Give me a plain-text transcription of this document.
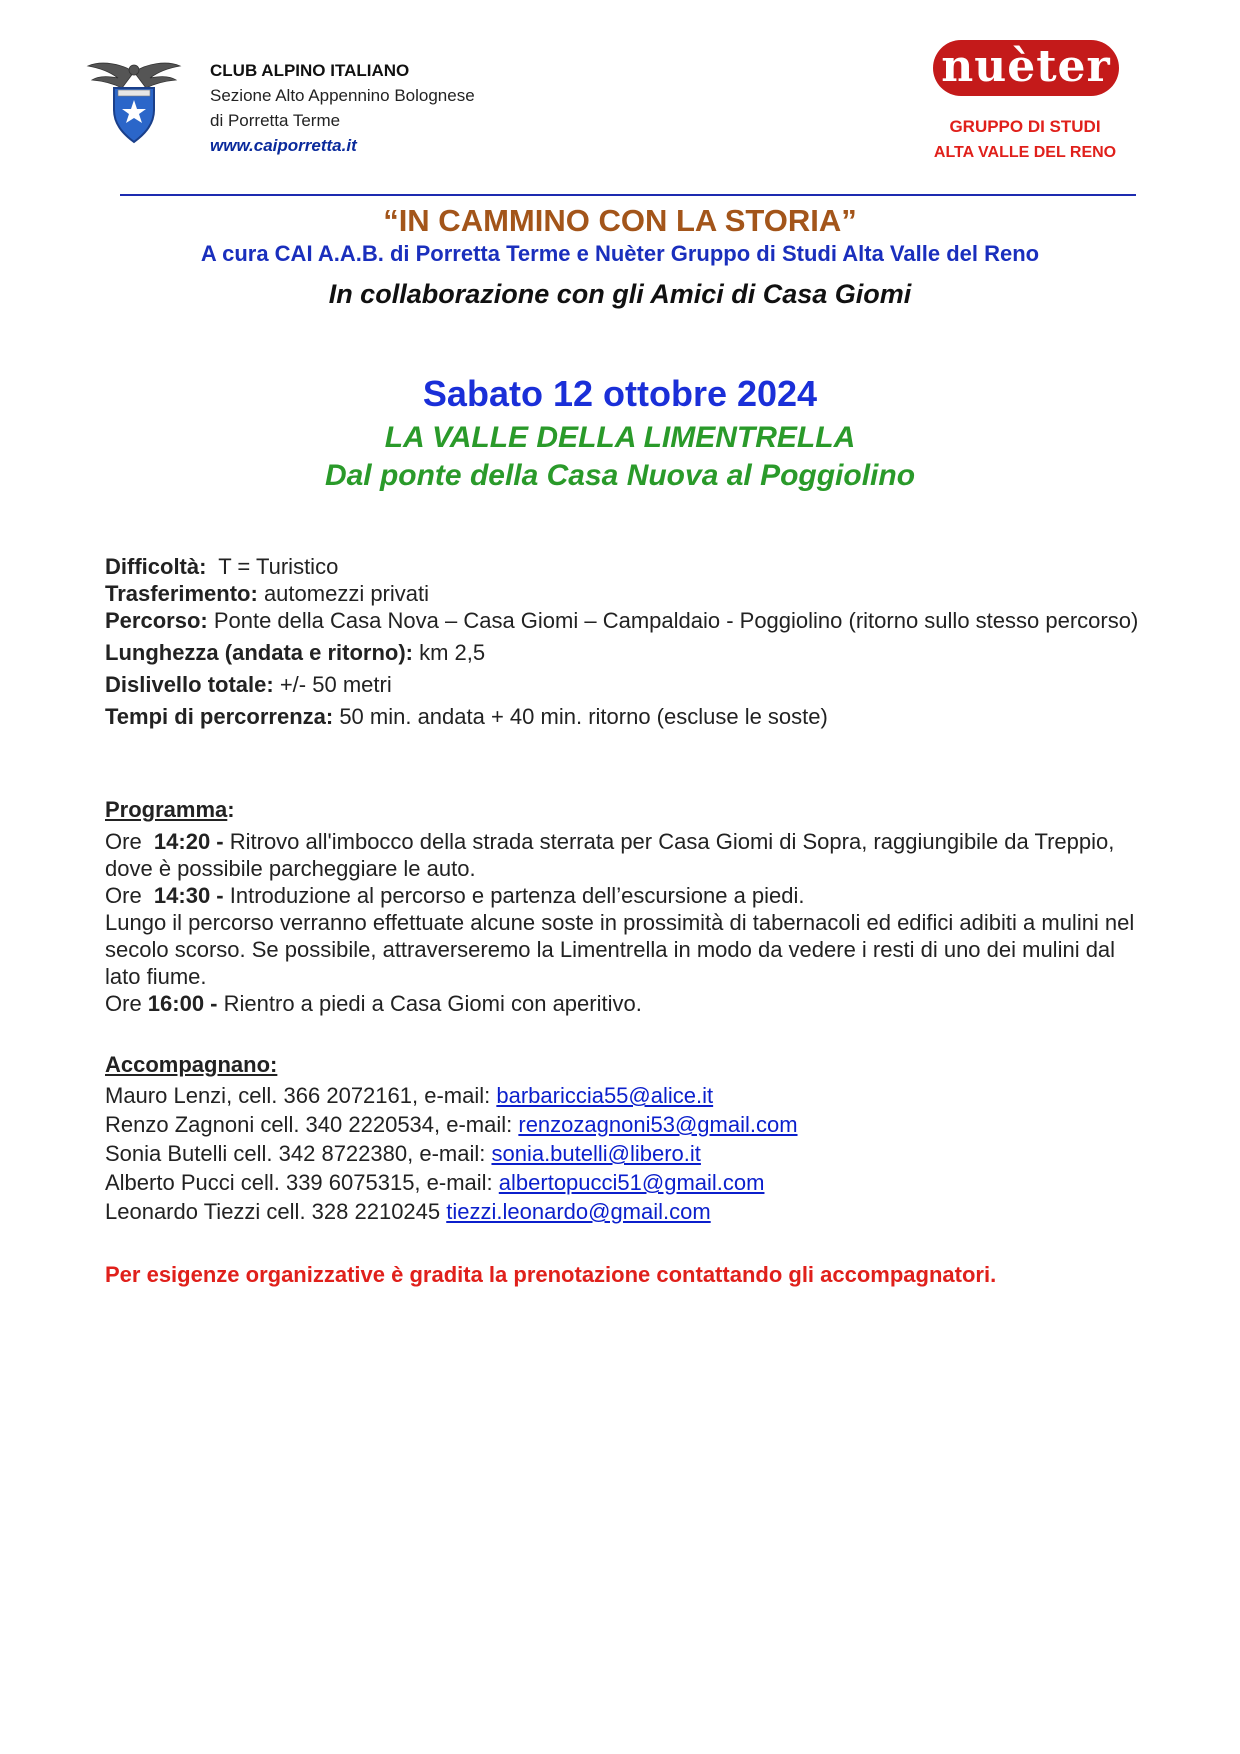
CLUB ALPINO ITALIANO
Sezione Alto Appennino Bolognese
di Porretta Terme
www.caiporretta.it
nuèter
GRUPPO DI STUDI
ALTA VALLE DEL RENO
“IN CAMMINO CON LA STORIA”
A cura CAI A.A.B. di Porretta Terme e Nuèter Gruppo di Studi Alta Valle del Reno
In collaborazione con gli Amici di Casa Giomi
Sabato 12 ottobre 2024
LA VALLE DELLA LIMENTRELLA
Dal ponte della Casa Nuova al Poggiolino
Difficoltà:  T = Turistico
Trasferimento: automezzi privati
Percorso: Ponte della Casa Nova – Casa Giomi – Campaldaio - Poggiolino (ritorno sullo stesso percorso)
Lunghezza (andata e ritorno): km 2,5
Dislivello totale: +/- 50 metri
Tempi di percorrenza: 50 min. andata + 40 min. ritorno (escluse le soste)
Programma:
Ore  14:20 - Ritrovo all'imbocco della strada sterrata per Casa Giomi di Sopra, raggiungibile da Treppio, dove è possibile parcheggiare le auto.
Ore  14:30 - Introduzione al percorso e partenza dell’escursione a piedi.
Lungo il percorso verranno effettuate alcune soste in prossimità di tabernacoli ed edifici adibiti a mulini nel secolo scorso. Se possibile, attraverseremo la Limentrella in modo da vedere i resti di uno dei mulini dal lato fiume.
Ore 16:00 - Rientro a piedi a Casa Giomi con aperitivo.
Accompagnano:
Mauro Lenzi, cell. 366 2072161, e-mail: barbariccia55@alice.it
Renzo Zagnoni cell. 340 2220534, e-mail: renzozagnoni53@gmail.com
Sonia Butelli cell. 342 8722380, e-mail: sonia.butelli@libero.it
Alberto Pucci cell. 339 6075315, e-mail: albertopucci51@gmail.com
Leonardo Tiezzi cell. 328 2210245 tiezzi.leonardo@gmail.com
Per esigenze organizzative è gradita la prenotazione contattando gli accompagnatori.
